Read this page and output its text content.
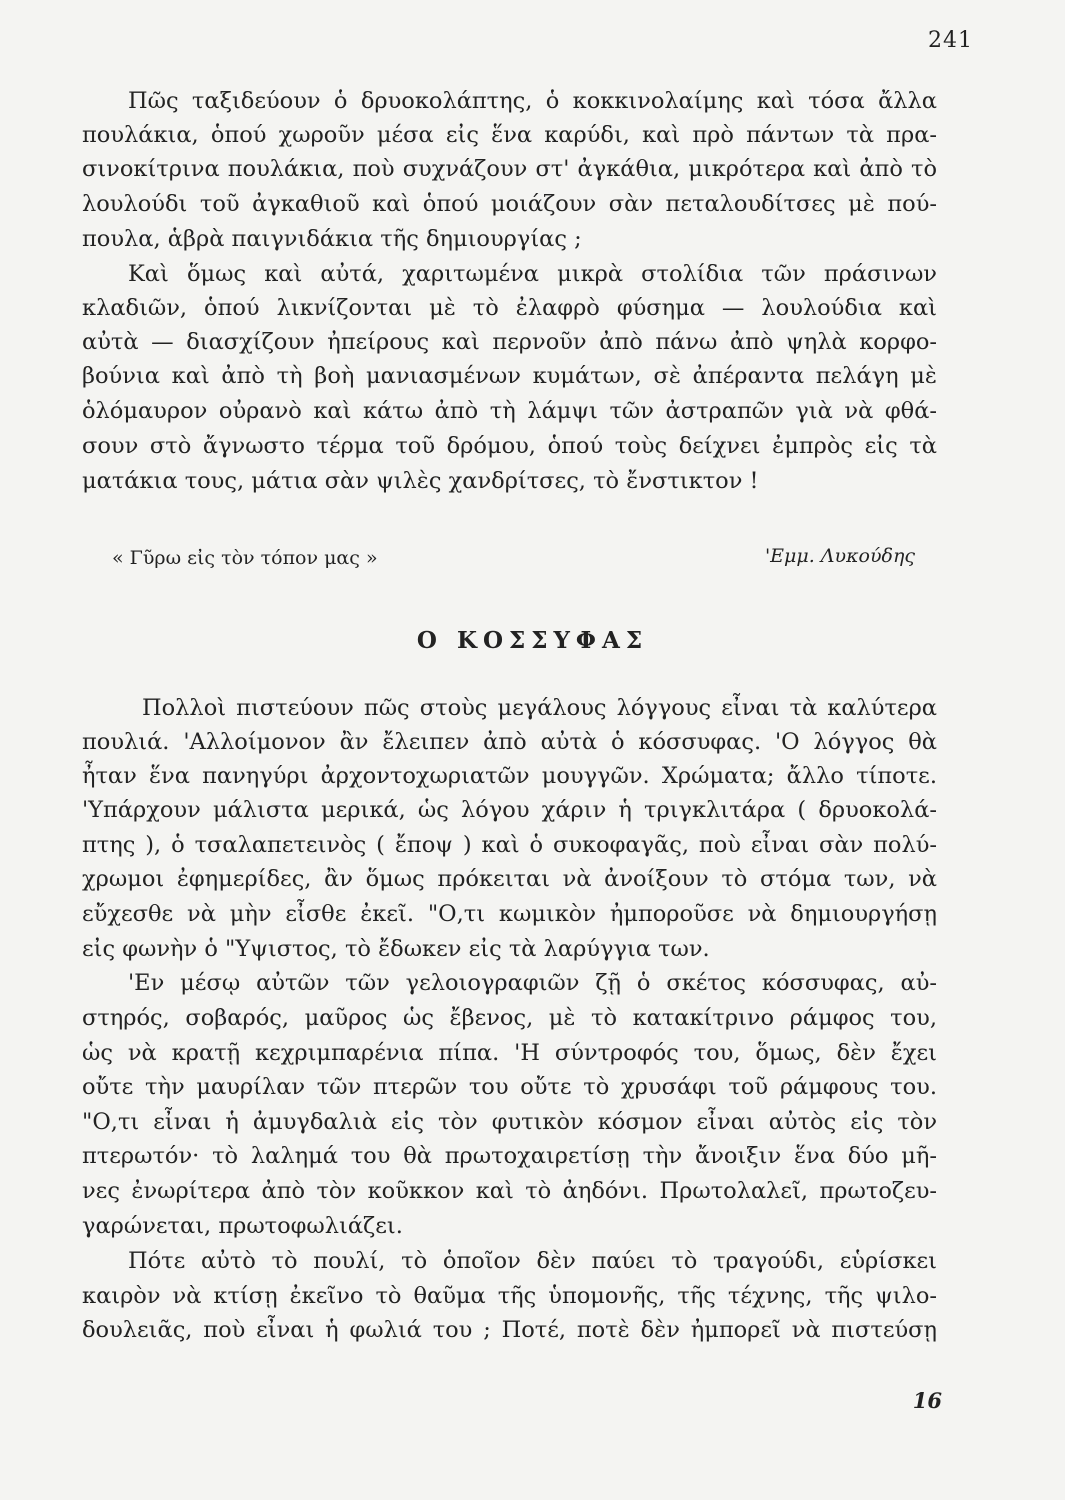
241
Πῶς ταξιδεύουν ὁ δρυοκολάπτης, ὁ κοκκινολαίμης καὶ τόσα ἄλλα
πουλάκια, ὁπού χωροῦν μέσα εἰς ἕνα καρύδι, καὶ πρὸ πάντων τὰ πρα-
σινοκίτρινα πουλάκια, ποὺ συχνάζουν στ' ἀγκάθια, μικρότερα καὶ ἀπὸ τὸ
λουλούδι τοῦ ἀγκαθιοῦ καὶ ὁπού μοιάζουν σὰν πεταλουδίτσες μὲ πού-
πουλα, ἁβρὰ παιγνιδάκια τῆς δημιουργίας ;
Καὶ ὅμως καὶ αὐτά, χαριτωμένα μικρὰ στολίδια τῶν πράσινων
κλαδιῶν, ὁπού λικνίζονται μὲ τὸ ἐλαφρὸ φύσημα — λουλούδια καὶ
αὐτὰ — διασχίζουν ἠπείρους καὶ περνοῦν ἀπὸ πάνω ἀπὸ ψηλὰ κορφο-
βούνια καὶ ἀπὸ τὴ βοὴ μανιασμένων κυμάτων, σὲ ἀπέραντα πελάγη μὲ
ὁλόμαυρον οὐρανὸ καὶ κάτω ἀπὸ τὴ λάμψι τῶν ἀστραπῶν γιὰ νὰ φθά-
σουν στὸ ἄγνωστο τέρμα τοῦ δρόμου, ὁπού τοὺς δείχνει ἐμπρὸς εἰς τὰ
ματάκια τους, μάτια σὰν ψιλὲς χανδρίτσες, τὸ ἔνστικτον !
« Γῦρω εἰς τὸν τόπον μας »	'Εμμ. Λυκούδης
Ο ΚΟΣΣΥΦΑΣ
Πολλοὶ πιστεύουν πῶς στοὺς μεγάλους λόγγους εἶναι τὰ καλύτερα
πουλιά. 'Αλλοίμονον ἂν ἔλειπεν ἀπὸ αὐτὰ ὁ κόσσυφας. 'Ο λόγγος θὰ
ἦταν ἕνα πανηγύρι ἀρχοντοχωριατῶν μουγγῶν. Χρώματα; ἄλλο τίποτε.
'Υπάρχουν μάλιστα μερικά, ὡς λόγου χάριν ἡ τριγκλιτάρα ( δρυοκολά-
πτης ), ὁ τσαλαπετεινὸς ( ἔποψ ) καὶ ὁ συκοφαγᾶς, ποὺ εἶναι σὰν πολύ-
χρωμοι ἐφημερίδες, ἂν ὅμως πρόκειται νὰ ἀνοίξουν τὸ στόμα των, νὰ
εὔχεσθε νὰ μὴν εἶσθε ἐκεῖ. "Ο,τι κωμικὸν ἠμποροῦσε νὰ δημιουργήσῃ
εἰς φωνὴν ὁ "Υψιστος, τὸ ἔδωκεν εἰς τὰ λαρύγγια των.
'Εν μέσῳ αὐτῶν τῶν γελοιογραφιῶν ζῇ ὁ σκέτος κόσσυφας, αὐ-
στηρός, σοβαρός, μαῦρος ὡς ἔβενος, μὲ τὸ κατακίτρινο ράμφος του,
ὡς νὰ κρατῇ κεχριμπαρένια πίπα. 'Η σύντροφός του, ὅμως, δὲν ἔχει
οὔτε τὴν μαυρίλαν τῶν πτερῶν του οὔτε τὸ χρυσάφι τοῦ ράμφους του.
"Ο,τι εἶναι ἡ ἀμυγδαλιὰ εἰς τὸν φυτικὸν κόσμον εἶναι αὐτὸς εἰς τὸν
πτερωτόν· τὸ λαλημά του θὰ πρωτοχαιρετίσῃ τὴν ἄνοιξιν ἕνα δύο μῆ-
νες ἐνωρίτερα ἀπὸ τὸν κοῦκκον καὶ τὸ ἀηδόνι. Πρωτολαλεῖ, πρωτοζευ-
γαρώνεται, πρωτοφωλιάζει.
Πότε αὐτὸ τὸ πουλί, τὸ ὁποῖον δὲν παύει τὸ τραγούδι, εὑρίσκει
καιρὸν νὰ κτίσῃ ἐκεῖνο τὸ θαῦμα τῆς ὑπομονῆς, τῆς τέχνης, τῆς ψιλο-
δουλειᾶς, ποὺ εἶναι ἡ φωλιά του ; Ποτέ, ποτὲ δὲν ἠμπορεῖ νὰ πιστεύσῃ
16
